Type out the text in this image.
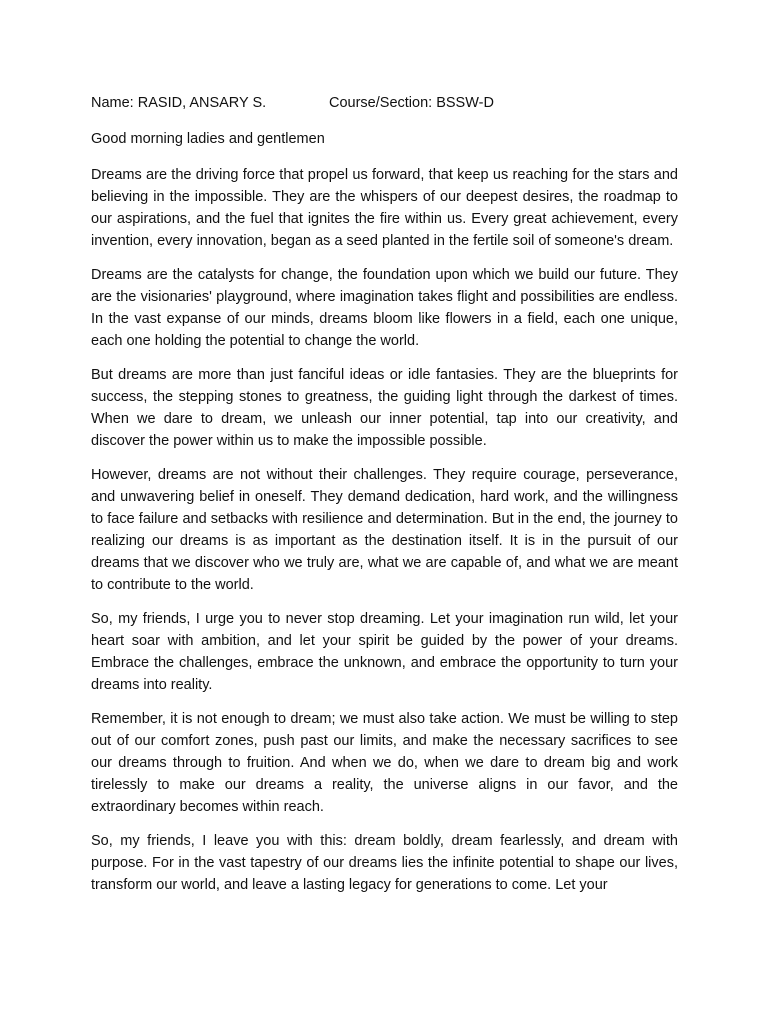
Name: RASID, ANSARY S.	Course/Section: BSSW-D

Good morning ladies and gentlemen

Dreams are the driving force that propel us forward, that keep us reaching for the stars and believing in the impossible. They are the whispers of our deepest desires, the roadmap to our aspirations, and the fuel that ignites the fire within us. Every great achievement, every invention, every innovation, began as a seed planted in the fertile soil of someone's dream.

Dreams are the catalysts for change, the foundation upon which we build our future. They are the visionaries' playground, where imagination takes flight and possibilities are endless. In the vast expanse of our minds, dreams bloom like flowers in a field, each one unique, each one holding the potential to change the world.

But dreams are more than just fanciful ideas or idle fantasies. They are the blueprints for success, the stepping stones to greatness, the guiding light through the darkest of times. When we dare to dream, we unleash our inner potential, tap into our creativity, and discover the power within us to make the impossible possible.

However, dreams are not without their challenges. They require courage, perseverance, and unwavering belief in oneself. They demand dedication, hard work, and the willingness to face failure and setbacks with resilience and determination. But in the end, the journey to realizing our dreams is as important as the destination itself. It is in the pursuit of our dreams that we discover who we truly are, what we are capable of, and what we are meant to contribute to the world.

So, my friends, I urge you to never stop dreaming. Let your imagination run wild, let your heart soar with ambition, and let your spirit be guided by the power of your dreams. Embrace the challenges, embrace the unknown, and embrace the opportunity to turn your dreams into reality.

Remember, it is not enough to dream; we must also take action. We must be willing to step out of our comfort zones, push past our limits, and make the necessary sacrifices to see our dreams through to fruition. And when we do, when we dare to dream big and work tirelessly to make our dreams a reality, the universe aligns in our favor, and the extraordinary becomes within reach.

So, my friends, I leave you with this: dream boldly, dream fearlessly, and dream with purpose. For in the vast tapestry of our dreams lies the infinite potential to shape our lives, transform our world, and leave a lasting legacy for generations to come. Let your
